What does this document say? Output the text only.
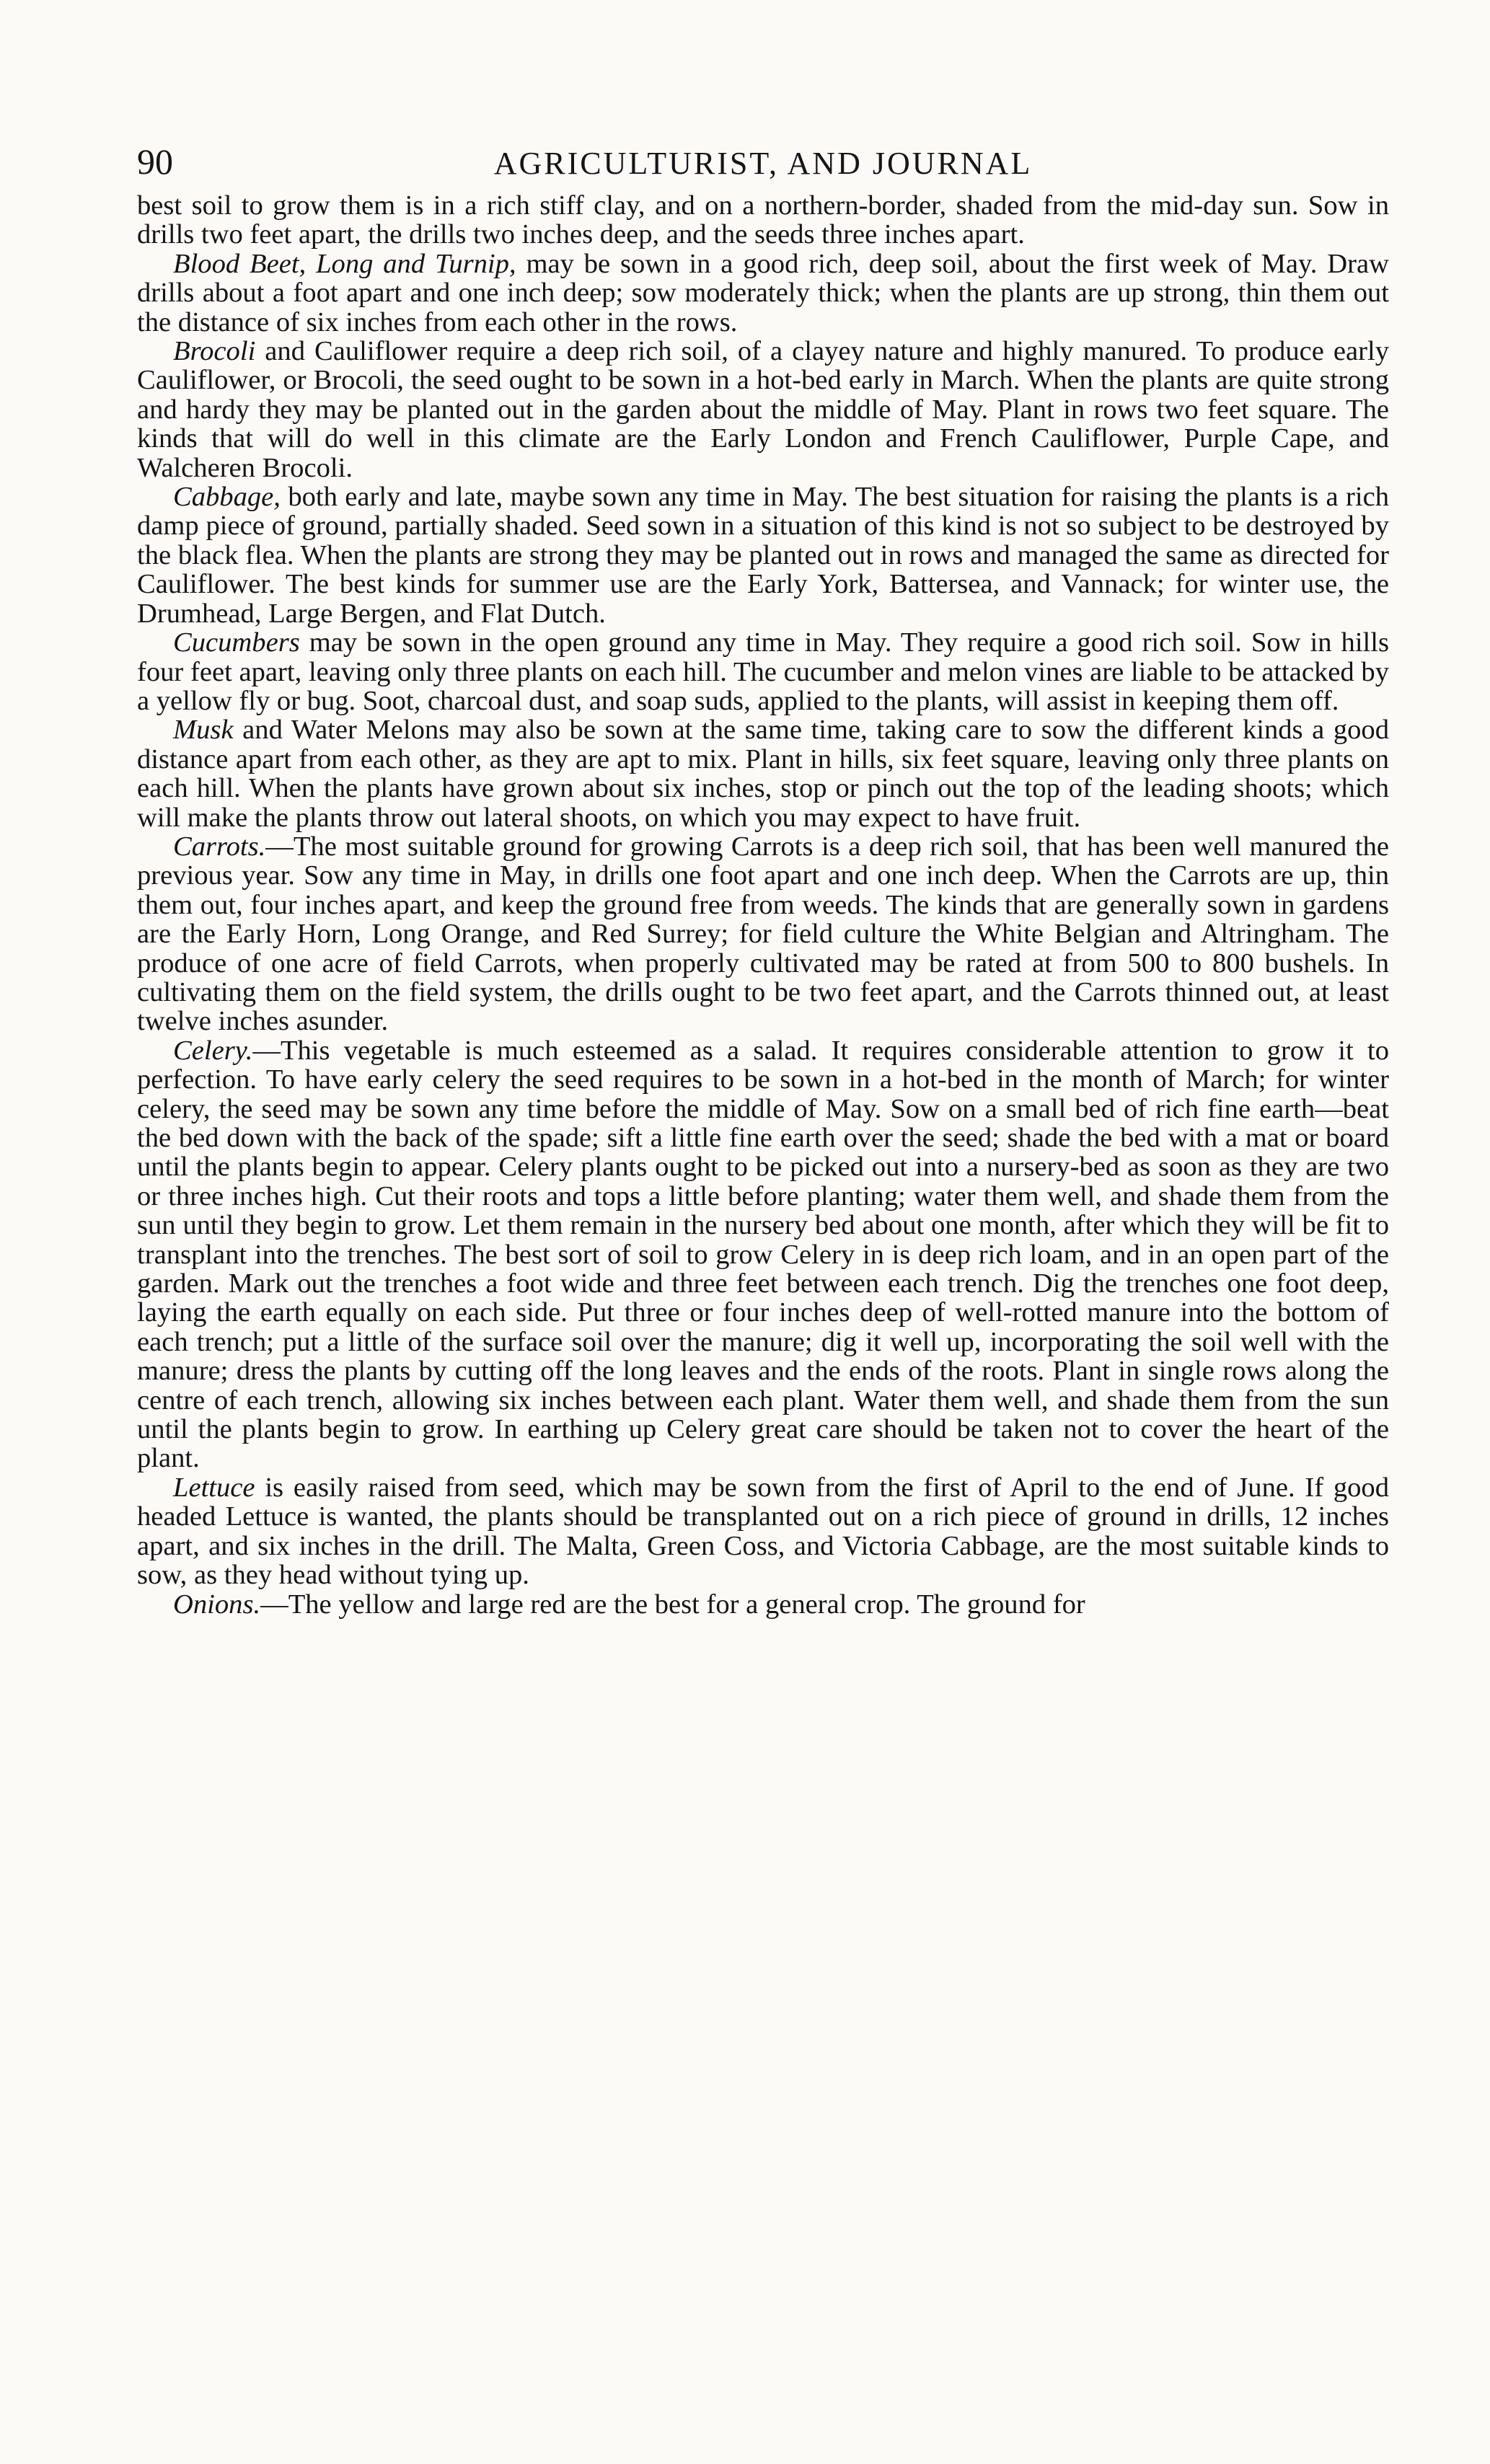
90	AGRICULTURIST, AND JOURNAL

best soil to grow them is in a rich stiff clay, and on a northern-border, shaded from the mid-day sun. Sow in drills two feet apart, the drills two inches deep, and the seeds three inches apart.

Blood Beet, Long and Turnip, may be sown in a good rich, deep soil, about the first week of May. Draw drills about a foot apart and one inch deep; sow moderately thick; when the plants are up strong, thin them out the distance of six inches from each other in the rows.

Brocoli and Cauliflower require a deep rich soil, of a clayey nature and highly manured. To produce early Cauliflower, or Brocoli, the seed ought to be sown in a hot-bed early in March. When the plants are quite strong and hardy they may be planted out in the garden about the middle of May. Plant in rows two feet square. The kinds that will do well in this climate are the Early London and French Cauliflower, Purple Cape, and Walcheren Brocoli.

Cabbage, both early and late, maybe sown any time in May. The best situation for raising the plants is a rich damp piece of ground, partially shaded. Seed sown in a situation of this kind is not so subject to be destroyed by the black flea. When the plants are strong they may be planted out in rows and managed the same as directed for Cauliflower. The best kinds for summer use are the Early York, Battersea, and Vannack; for winter use, the Drumhead, Large Bergen, and Flat Dutch.

Cucumbers may be sown in the open ground any time in May. They require a good rich soil. Sow in hills four feet apart, leaving only three plants on each hill. The cucumber and melon vines are liable to be attacked by a yellow fly or bug. Soot, charcoal dust, and soap suds, applied to the plants, will assist in keeping them off.

Musk and Water Melons may also be sown at the same time, taking care to sow the different kinds a good distance apart from each other, as they are apt to mix. Plant in hills, six feet square, leaving only three plants on each hill. When the plants have grown about six inches, stop or pinch out the top of the leading shoots; which will make the plants throw out lateral shoots, on which you may expect to have fruit.

Carrots.—The most suitable ground for growing Carrots is a deep rich soil, that has been well manured the previous year. Sow any time in May, in drills one foot apart and one inch deep. When the Carrots are up, thin them out, four inches apart, and keep the ground free from weeds. The kinds that are generally sown in gardens are the Early Horn, Long Orange, and Red Surrey; for field culture the White Belgian and Altringham. The produce of one acre of field Carrots, when properly cultivated may be rated at from 500 to 800 bushels. In cultivating them on the field system, the drills ought to be two feet apart, and the Carrots thinned out, at least twelve inches asunder.

Celery.—This vegetable is much esteemed as a salad. It requires considerable attention to grow it to perfection. To have early celery the seed requires to be sown in a hot-bed in the month of March; for winter celery, the seed may be sown any time before the middle of May. Sow on a small bed of rich fine earth—beat the bed down with the back of the spade; sift a little fine earth over the seed; shade the bed with a mat or board until the plants begin to appear. Celery plants ought to be picked out into a nursery-bed as soon as they are two or three inches high. Cut their roots and tops a little before planting; water them well, and shade them from the sun until they begin to grow. Let them remain in the nursery bed about one month, after which they will be fit to transplant into the trenches. The best sort of soil to grow Celery in is deep rich loam, and in an open part of the garden. Mark out the trenches a foot wide and three feet between each trench. Dig the trenches one foot deep, laying the earth equally on each side. Put three or four inches deep of well-rotted manure into the bottom of each trench; put a little of the surface soil over the manure; dig it well up, incorporating the soil well with the manure; dress the plants by cutting off the long leaves and the ends of the roots. Plant in single rows along the centre of each trench, allowing six inches between each plant. Water them well, and shade them from the sun until the plants begin to grow. In earthing up Celery great care should be taken not to cover the heart of the plant.

Lettuce is easily raised from seed, which may be sown from the first of April to the end of June. If good headed Lettuce is wanted, the plants should be transplanted out on a rich piece of ground in drills, 12 inches apart, and six inches in the drill. The Malta, Green Coss, and Victoria Cabbage, are the most suitable kinds to sow, as they head without tying up.

Onions.—The yellow and large red are the best for a general crop. The ground for
